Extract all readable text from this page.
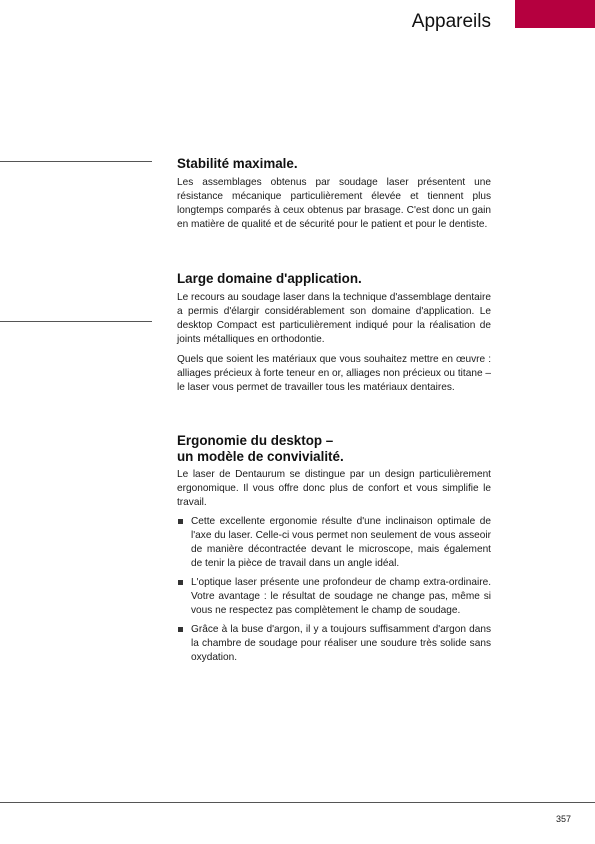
Appareils
Stabilité maximale.

Les assemblages obtenus par soudage laser présentent une résistance mécanique particulièrement élevée et tiennent plus longtemps comparés à ceux obtenus par brasage. C'est donc un gain en matière de qualité et de sécurité pour le patient et pour le dentiste.

Large domaine d'application.

Le recours au soudage laser dans la technique d'assemblage dentaire a permis d'élargir considérablement son domaine d'application. Le desktop Compact est particulièrement indiqué pour la réalisation de joints métalliques en orthodontie.

Quels que soient les matériaux que vous souhaitez mettre en œuvre : alliages précieux à forte teneur en or, alliages non précieux ou titane – le laser vous permet de travailler tous les matériaux dentaires.

Ergonomie du desktop –
un modèle de convivialité.

Le laser de Dentaurum se distingue par un design particulièrement ergonomique. Il vous offre donc plus de confort et vous simplifie le travail.

Cette excellente ergonomie résulte d'une inclinaison optimale de l'axe du laser. Celle-ci vous permet non seulement de vous asseoir de manière décontractée devant le microscope, mais également de tenir la pièce de travail dans un angle idéal.

L'optique laser présente une profondeur de champ extra-ordinaire. Votre avantage : le résultat de soudage ne change pas, même si vous ne respectez pas complètement le champ de soudage.

Grâce à la buse d'argon, il y a toujours suffisamment d'argon dans la chambre de soudage pour réaliser une soudure très solide sans oxydation.

357
